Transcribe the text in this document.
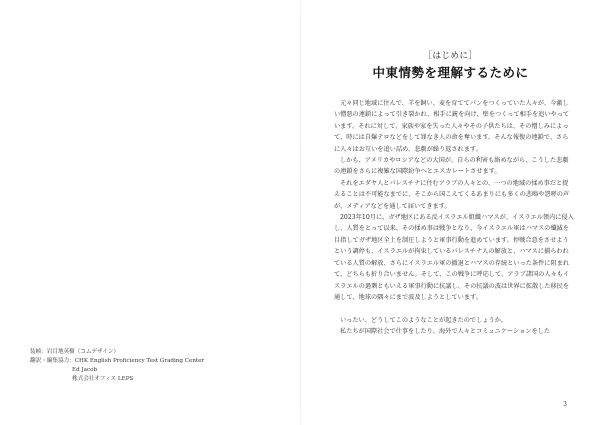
装帧： 岩目地英樹（コムデザイン）
翻訳・編集協力： CHK English Proficiency Test Grading Center
Ed Jacob
株式会社オフィス LEPS
［はじめに］
中東情勢を理解するために

元々同じ地域に住んで、羊を飼い、麦を育ててパンをつくっていた人々が、今激しい憎悪の連鎖によって引き裂かれ、相手に銃を向け、壁をつくって相手を追いやっています。それに対して、家族や家を失った人々やその子供たちは、その憎しみによって、時には自爆テロなどをして罪なき人の命を奪います。そんな報復の連鎖で、さらに人々はお互いを追い詰め、悲劇が繰り返されます。

しかも、アメリカやロシアなどの大国が、自らの利害も絡めながら、こうした悲劇の連鎖をさらに複雑な国際紛争へとエスカレートさせます。

それをエダヤ人とパレスチナに住むアラブの人々との、一つの地域の揉め事だと捉えることは不可能なまでに、そこから国こえてくるあまりにも多くの悲鳴や怨嗟の声が、メディアなどを通して届いてきます。

2023年10月に、ガザ地区にある反イスラエル組織ハマスが、イスラエル領内に侵入し、人質をとって以来、その揉め事は戦争となり、今イスラエル軍はハマスの殲滅を目指してガザ地区全土を制圧しようと軍事行動を進めています。停戦合意をさせようという調停も、イスラエルが拘束しているパレスチナ人の解放と、ハマスに捕らわれている人質の解放、さらにイスラエル軍の撤退とハマスの存続といった条件に阻まれて、どちらも折り合いません。そして、この戦争に呼応して、アラブ諸国の人々もイスラエルの過剰ともいえる軍事行動に抗議し、その抗議の波は世界に拡散した移民を通して、地球の隅々にまで波及しようとしています。

いったい、どうしてこのようなことが起きたのでしょうか。

私たちが国際社会で仕事をしたり、海外で人々とコミュニケーションをした

3
